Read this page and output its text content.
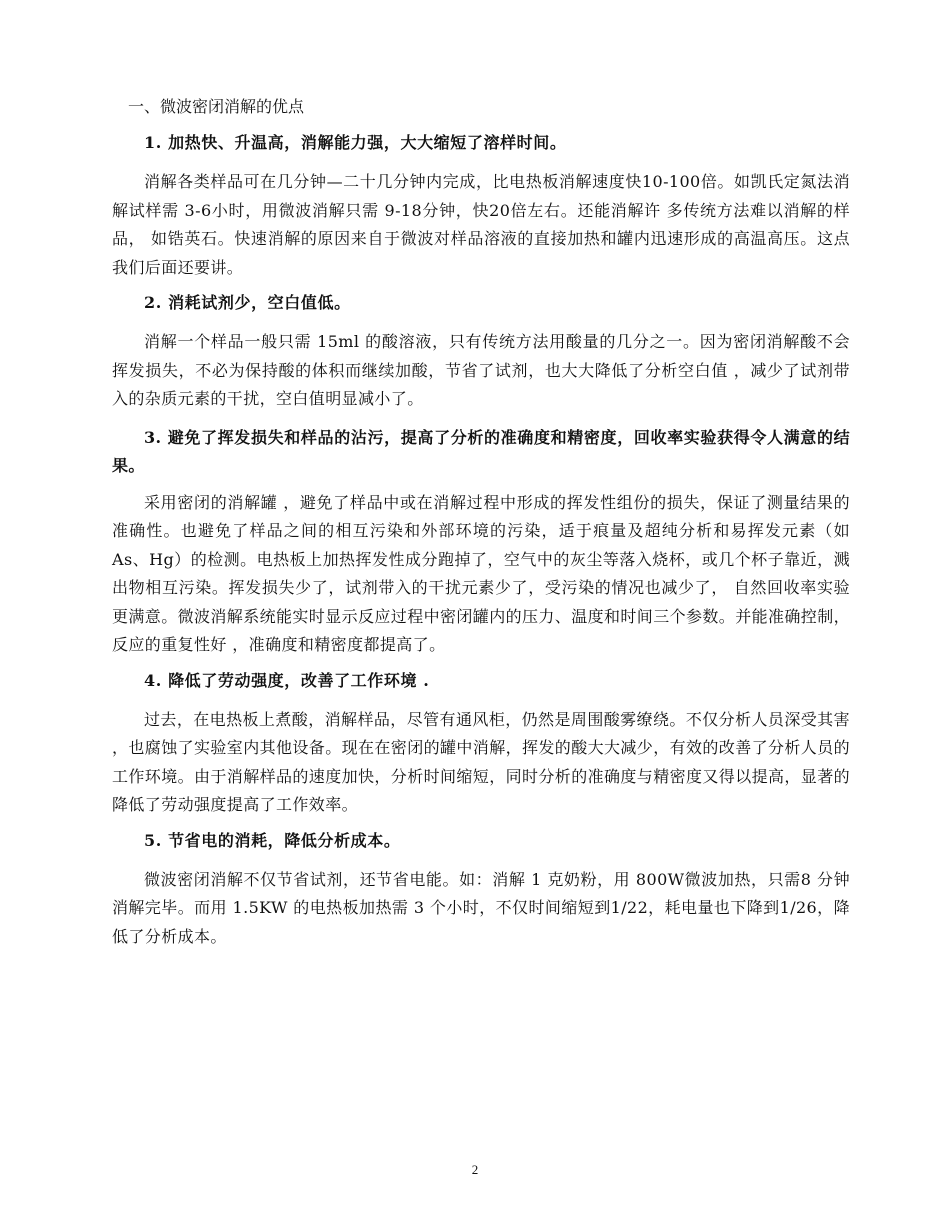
一、微波密闭消解的优点
1. 加热快、升温高，消解能力强，大大缩短了溶样时间。

消解各类样品可在几分钟—二十几分钟内完成，比电热板消解速度快10-100倍。如凯氏定氮法消解试样需 3-6小时，用微波消解只需 9-18分钟，快20倍左右。还能消解许 多传统方法难以消解的样品， 如锆英石。快速消解的原因来自于微波对样品溶液的直接加热和罐内迅速形成的高温高压。这点我们后面还要讲。

2. 消耗试剂少，空白值低。

消解一个样品一般只需 15ml 的酸溶液，只有传统方法用酸量的几分之一。因为密闭消解酸不会挥发损失，不必为保持酸的体积而继续加酸，节省了试剂，也大大降低了分析空白值 ，减少了试剂带入的杂质元素的干扰，空白值明显减小了。

3. 避免了挥发损失和样品的沾污，提高了分析的准确度和精密度，回收率实验获得令人满意的结果。

采用密闭的消解罐 ，避免了样品中或在消解过程中形成的挥发性组份的损失，保证了测量结果的准确性。也避免了样品之间的相互污染和外部环境的污染，适于痕量及超纯分析和易挥发元素（如As、Hg）的检测。电热板上加热挥发性成分跑掉了，空气中的灰尘等落入烧杯，或几个杯子靠近，溅出物相互污染。挥发损失少了，试剂带入的干扰元素少了，受污染的情况也减少了， 自然回收率实验更满意。微波消解系统能实时显示反应过程中密闭罐内的压力、温度和时间三个参数。并能准确控制，反应的重复性好 ，准确度和精密度都提高了。

4. 降低了劳动强度，改善了工作环境 .

过去，在电热板上煮酸，消解样品，尽管有通风柜，仍然是周围酸雾缭绕。不仅分析人员深受其害 ，也腐蚀了实验室内其他设备。现在在密闭的罐中消解，挥发的酸大大减少，有效的改善了分析人员的工作环境。由于消解样品的速度加快，分析时间缩短，同时分析的准确度与精密度又得以提高，显著的降低了劳动强度提高了工作效率。

5. 节省电的消耗，降低分析成本。

微波密闭消解不仅节省试剂，还节省电能。如：消解 1 克奶粉，用 800W微波加热，只需8 分钟消解完毕。而用 1.5KW 的电热板加热需 3 个小时，不仅时间缩短到1/22，耗电量也下降到1/26，降低了分析成本。

2
